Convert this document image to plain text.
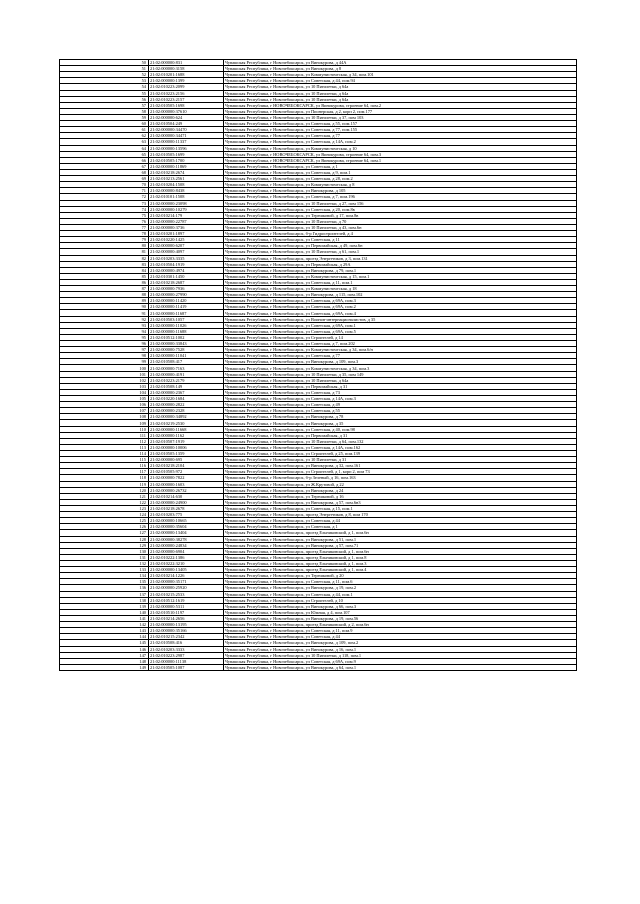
50	21:02:000000:831	Чувашская Республика, г Новочебоксарск, ул Винокурова, д 44А
51	21:02:000000:3158	Чувашская Республика, г Новочебоксарск, ул Винокурова, д 8
52	21:02:010201:1688	Чувашская Республика, г Новочебоксарск, ул Коммунистическая, д 34, пом.101
53	21:02:000000:1399	Чувашская Республика, г Новочебоксарск, ул Советская, д 44, пом.94
54	21:02:010223:2099	Чувашская Республика, г Новочебоксарск, ул 10 Пятилетки, д 64а
55	21:02:010223:2156	Чувашская Республика, г Новочебоксарск, ул 10 Пятилетки, д 64а
56	21:02:010223:2157	Чувашская Республика, г Новочебоксарск, ул 10 Пятилетки, д 64а
57	21:02:010505:1698	Чувашская Республика, г НОВОЧЕБОКСАРСК, ул Винокурова, строение 64, пом.2
58	21:02:000000:37610	Чувашская Республика, г Новочебоксарск, ул Пионерская, д 2, корп 2, пом.177
59	21:02:000000:624	Чувашская Республика, г Новочебоксарск, ул 10 Пятилетки, д 37, пом 103
60	21:02:010504:249	Чувашская Республика, г Новочебоксарск, ул Советская, д 55, пом.157
61	21:02:000000:34470	Чувашская Республика, г Новочебоксарск, ул Советская, д 77, пом.155
62	21:02:000000:34471	Чувашская Республика, г Новочебоксарск, ул Советская, д 77
63	21:02:000000:11337	Чувашская Республика, г Новочебоксарск, ул Советская, д 14А, пом.2
64	21:02:000000:13596	Чувашская Республика, г Новочебоксарск, ул Коммунистическая, д 10
65	21:02:010505:1699	Чувашская Республика, г НОВОЧЕБОКСАРСК, ул Винокурова, строение 64, пом.3
66	21:02:010505:1700	Чувашская Республика, г НОВОЧЕБОКСАРСК, ул Винокурова, строение 64, пом.1
67	21:02:000000:11869	Чувашская Республика, г Новочебоксарск, ул Советская, д 1
68	21:02:010218:2674	Чувашская Республика, г Новочебоксарск, ул Советская, д 9, пом.1
69	21:02:010213:2561	Чувашская Республика, г Новочебоксарск, ул Советская, д 28, пом.2
70	21:02:010204:1508	Чувашская Республика, г Новочебоксарск, ул Коммунистическая, д 8
71	21:02:000000:8438	Чувашская Республика, г Новочебоксарск, ул Винокурова, д 105
72	21:02:010101:1508	Чувашская Республика, г Новочебоксарск, ул Советская, д 7, пом.196
73	21:02:000000:23098	Чувашская Республика, г Новочебоксарск, ул 10 Пятилетки, д 27, пом 156
74	21:02:000000:10279	Чувашская Республика, г Новочебоксарск, ул Советская, д 20, пом.8в
75	21:02:010214:179	Чувашская Республика, г Новочебоксарск, ул Терешковой, д 17, пом.8в
76	21:02:000000:22787	Чувашская Республика, г Новочебоксарск, ул 10 Пятилетки, д 70
77	21:02:000000:3736	Чувашская Республика, г Новочебоксарск, ул 10 Пятилетки, д 43, пом.6н
78	21:02:010201:1897	Чувашская Республика, г Новочебоксарск, б-р Гидростроителей, д 4
79	21:02:010220:1425	Чувашская Республика, г Новочебоксарск, ул Советская, д 11
80	21:02:000000:6207	Чувашская Республика, г Новочебоксарск, ул Первомайская, д 49, пом.6н
81	21:02:000000:4097	Чувашская Республика, г Новочебоксарск, ул 10 Пятилетки, д 61, пом.1
82	21:02:010203:3335	Чувашская Республика, г Новочебоксарск, проезд Энергетиков, д 3, пом.131
83	21:02:010504:1919	Чувашская Республика, г Новочебоксарск, ул Первомайская, д 29А
84	21:02:000000:4974	Чувашская Республика, г Новочебоксарск, ул Винокурова, д 79, пом.1
85	21:02:010301:1450	Чувашская Республика, г Новочебоксарск, ул Коммунистическая, д 15, пом.1
86	21:02:010218:2687	Чувашская Республика, г Новочебоксарск, ул Советская, д 11, пом.1
87	21:02:000000:7936	Чувашская Республика, г Новочебоксарск, ул Коммунистическая, д 18
88	21:02:000000:27990	Чувашская Республика, г Новочебоксарск, ул Винокурова, д 115, пом.102
89	21:02:000000:11420	Чувашская Республика, г Новочебоксарск, ул Советская, д 69А, пом.3
90	21:02:000000:11419	Чувашская Республика, г Новочебоксарск, ул Советская, д 69А, пом.2
91	21:02:000000:11687	Чувашская Республика, г Новочебоксарск, ул Советская, д 69А, пом.4
92	21:02:010503:1057	Чувашская Республика, г Новочебоксарск, ул Воинов-интернационалистов, д 35
93	21:02:000000:11026	Чувашская Республика, г Новочебоксарск, ул Советская, д 69А, пом.1
94	21:02:000000:11688	Чувашская Республика, г Новочебоксарск, ул Советская, д 69А, пом.5
95	21:02:010512:1002	Чувашская Республика, г Новочебоксарск, ул Строителей, д 14
96	21:02:000000:33843	Чувашская Республика, г Новочебоксарск, ул Советская, д 7, пом.202
97	21:02:000000:7528	Чувашская Республика, г Новочебоксарск, ул Коммунистическая, д 34, пом.6/н
98	21:02:000000:11041	Чувашская Республика, г Новочебоксарск, ул Советская, д 77
99	21:02:010508:417	Чувашская Республика, г Новочебоксарск, ул Винокурова, д 109, пом.3
100	21:02:000000:7163	Чувашская Республика, г Новочебоксарск, ул Коммунистическая, д 34, пом.3
101	21:02:000000:4191	Чувашская Республика, г Новочебоксарск, ул 10 Пятилетки, д 35, пом 149
102	21:02:010223:2179	Чувашская Республика, г Новочебоксарск, ул 10 Пятилетки, д 64а
103	21:02:010508:149	Чувашская Республика, г Новочебоксарск, ул Первомайская, д 31
104	21:02:000000:2367	Чувашская Республика, г Новочебоксарск, ул Советская, д 73
105	21:02:010220:1684	Чувашская Республика, г Новочебоксарск, ул Советская, д 14А, пом.3
106	21:02:000000:2822	Чувашская Республика, г Новочебоксарск, ул Советская, д 49
107	21:02:000000:2328	Чувашская Республика, г Новочебоксарск, ул Советская, д 55
108	21:02:000000:34892	Чувашская Республика, г Новочебоксарск, ул Винокурова, д 78
109	21:02:010219:2530	Чувашская Республика, г Новочебоксарск, ул Винокурова, д 35
110	21:02:000000:11668	Чувашская Республика, г Новочебоксарск, ул Советская, д 40, пом.98
111	21:02:000000:1162	Чувашская Республика, г Новочебоксарск, ул Первомайская, д 31
112	21:02:010507:1919	Чувашская Республика, г Новочебоксарск, ул 10 Пятилетки, д 64, пом.132
113	21:02:000000:10006	Чувашская Республика, г Новочебоксарск, ул Советская, д 14А, пом.162
114	21:02:010505:1359	Чувашская Республика, г Новочебоксарск, ул Строителей, д 25, пом.139
115	21:02:000000:695	Чувашская Республика, г Новочебоксарск, ул 10 Пятилетки, д 31
116	21:02:010218:2104	Чувашская Республика, г Новочебоксарск, ул Винокурова, д 32, пом.161
117	21:02:010505:972	Чувашская Республика, г Новочебоксарск, ул Строителей, д 1, корп 2, пом 73
118	21:02:000000:7822	Чувашская Республика, г Новочебоксарск, б-р Зеленый, д 16, пом.163
119	21:02:000000:1603	Чувашская Республика, г Новочебоксарск, ул Ж.Крутовой, д 22
120	21:02:000000:26732	Чувашская Республика, г Новочебоксарск, ул Винокурова, д 24
121	21:02:010214:630	Чувашская Республика, г Новочебоксарск, ул Терешковой, д 16
122	21:02:000000:24900	Чувашская Республика, г Новочебоксарск, ул Винокурова, д 57, пом.6н3
123	21:02:010218:2678	Чувашская Республика, г Новочебоксарск, ул Советская, д 15, пом.1
124	21:02:010203:775	Чувашская Республика, г Новочебоксарск, проезд Энергетиков, д 8, пом 170
125	21:02:000000:10665	Чувашская Республика, г Новочебоксарск, ул Советская, д 44
126	21:02:000000:35604	Чувашская Республика, г Новочебоксарск, ул Советская, д 1
127	21:02:000000:13404	Чувашская Республика, г Новочебоксарск, проезд Ельниковский, д 1, пом.6н
128	21:02:000000:38278	Чувашская Республика, г Новочебоксарск, ул Винокурова, д 51, пом.1
129	21:02:000000:24834	Чувашская Республика, г Новочебоксарск, ул Винокурова, д 57, пом.71
130	21:02:000000:6904	Чувашская Республика, г Новочебоксарск, проезд Ельниковский, д 1, пом.6н
131	21:02:010222:1386	Чувашская Республика, г Новочебоксарск, проезд Ельниковский, д 1, пом.8
132	21:02:010222:3210	Чувашская Республика, г Новочебоксарск, проезд Ельниковский, д 1, пом.3
133	21:02:000000:13405	Чувашская Республика, г Новочебоксарск, проезд Ельниковский, д 1, пом.4
134	21:02:010214:1226	Чувашская Республика, г Новочебоксарск, ул Терешковой, д 20
135	21:02:000000:35171	Чувашская Республика, г Новочебоксарск, ул Советская, д 11, пом.6
136	21:02:000000:25920	Чувашская Республика, г Новочебоксарск, ул Винокурова, д 19, пом.2
137	21:02:010215:2533	Чувашская Республика, г Новочебоксарск, ул Советская, д 44, пом.1
138	21:02:010512:1619	Чувашская Республика, г Новочебоксарск, ул Строителей, д 10
139	21:02:000000:5311	Чувашская Республика, г Новочебоксарск, ул Винокурова, д 66, пом.3
140	21:02:010510:1197	Чувашская Республика, г Новочебоксарск, ул Южная, д 4, пом.107
141	21:02:010214:2656	Чувашская Республика, г Новочебоксарск, ул Винокурова, д 19, пом.56
142	21:02:000000:13195	Чувашская Республика, г Новочебоксарск, проезд Ельниковский, д 2, пом.6н
143	21:02:000000:35166	Чувашская Республика, г Новочебоксарск, ул Советская, д 11, пом.9
144	21:02:010215:2342	Чувашская Республика, г Новочебоксарск, ул Советская, д 44
145	21:02:010508:416	Чувашская Республика, г Новочебоксарск, ул Винокурова, д 109, пом.2
146	21:02:010203:3333	Чувашская Республика, г Новочебоксарск, ул Винокурова, д 16, пом.1
147	21:02:010223:2987	Чувашская Республика, г Новочебоксарск, ул 10 Пятилетки, д 118, пом.1
148	21:02:000000:11138	Чувашская Республика, г Новочебоксарск, ул Советская, д 69А, пом.9
149	21:02:010505:1087	Чувашская Республика, г Новочебоксарск, ул Винокурова, д 64, пом.1
